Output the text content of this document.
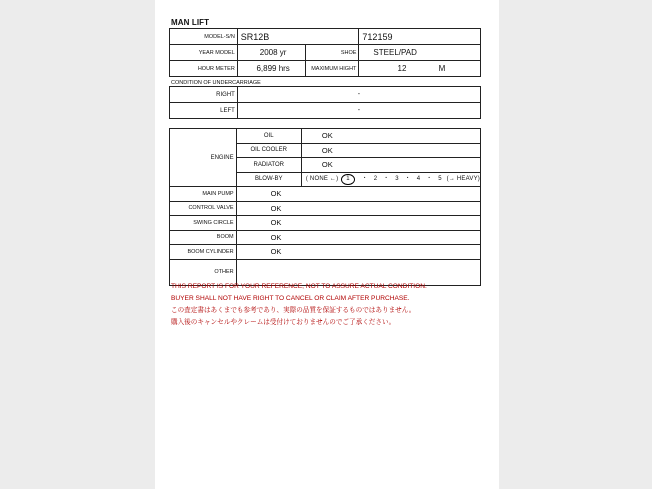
MAN LIFT
MODEL-S/N	SR12B		712159
YEAR MODEL	2008 yr	SHOE	STEEL/PAD
HOUR METER	6,899 hrs	MAXIMUM HIGHT	12 M
CONDITION OF UNDERCARRIAGE
RIGHT	-
LEFT	-
ENGINE	OIL	OK
	OIL COOLER	OK
	RADIATOR	OK
	BLOW-BY	( NONE ←) 1 ・ 2 ・ 3 ・ 4 ・ 5 (→ HEAVY)
MAIN PUMP	OK	
CONTROL VALVE	OK	
SWING CIRCLE	OK	
BOOM	OK	
BOOM CYLINDER	OK	
OTHER		
THIS REPORT IS FOR YOUR REFERENCE, NOT TO ASSURE ACTUAL CONDITION.
BUYER SHALL NOT HAVE RIGHT TO CANCEL OR CLAIM AFTER PURCHASE.
この査定書はあくまでも参考であり、実際の品質を保証するものではありません。
購入後のキャンセルやクレームは受付けておりませんのでご了承ください。
